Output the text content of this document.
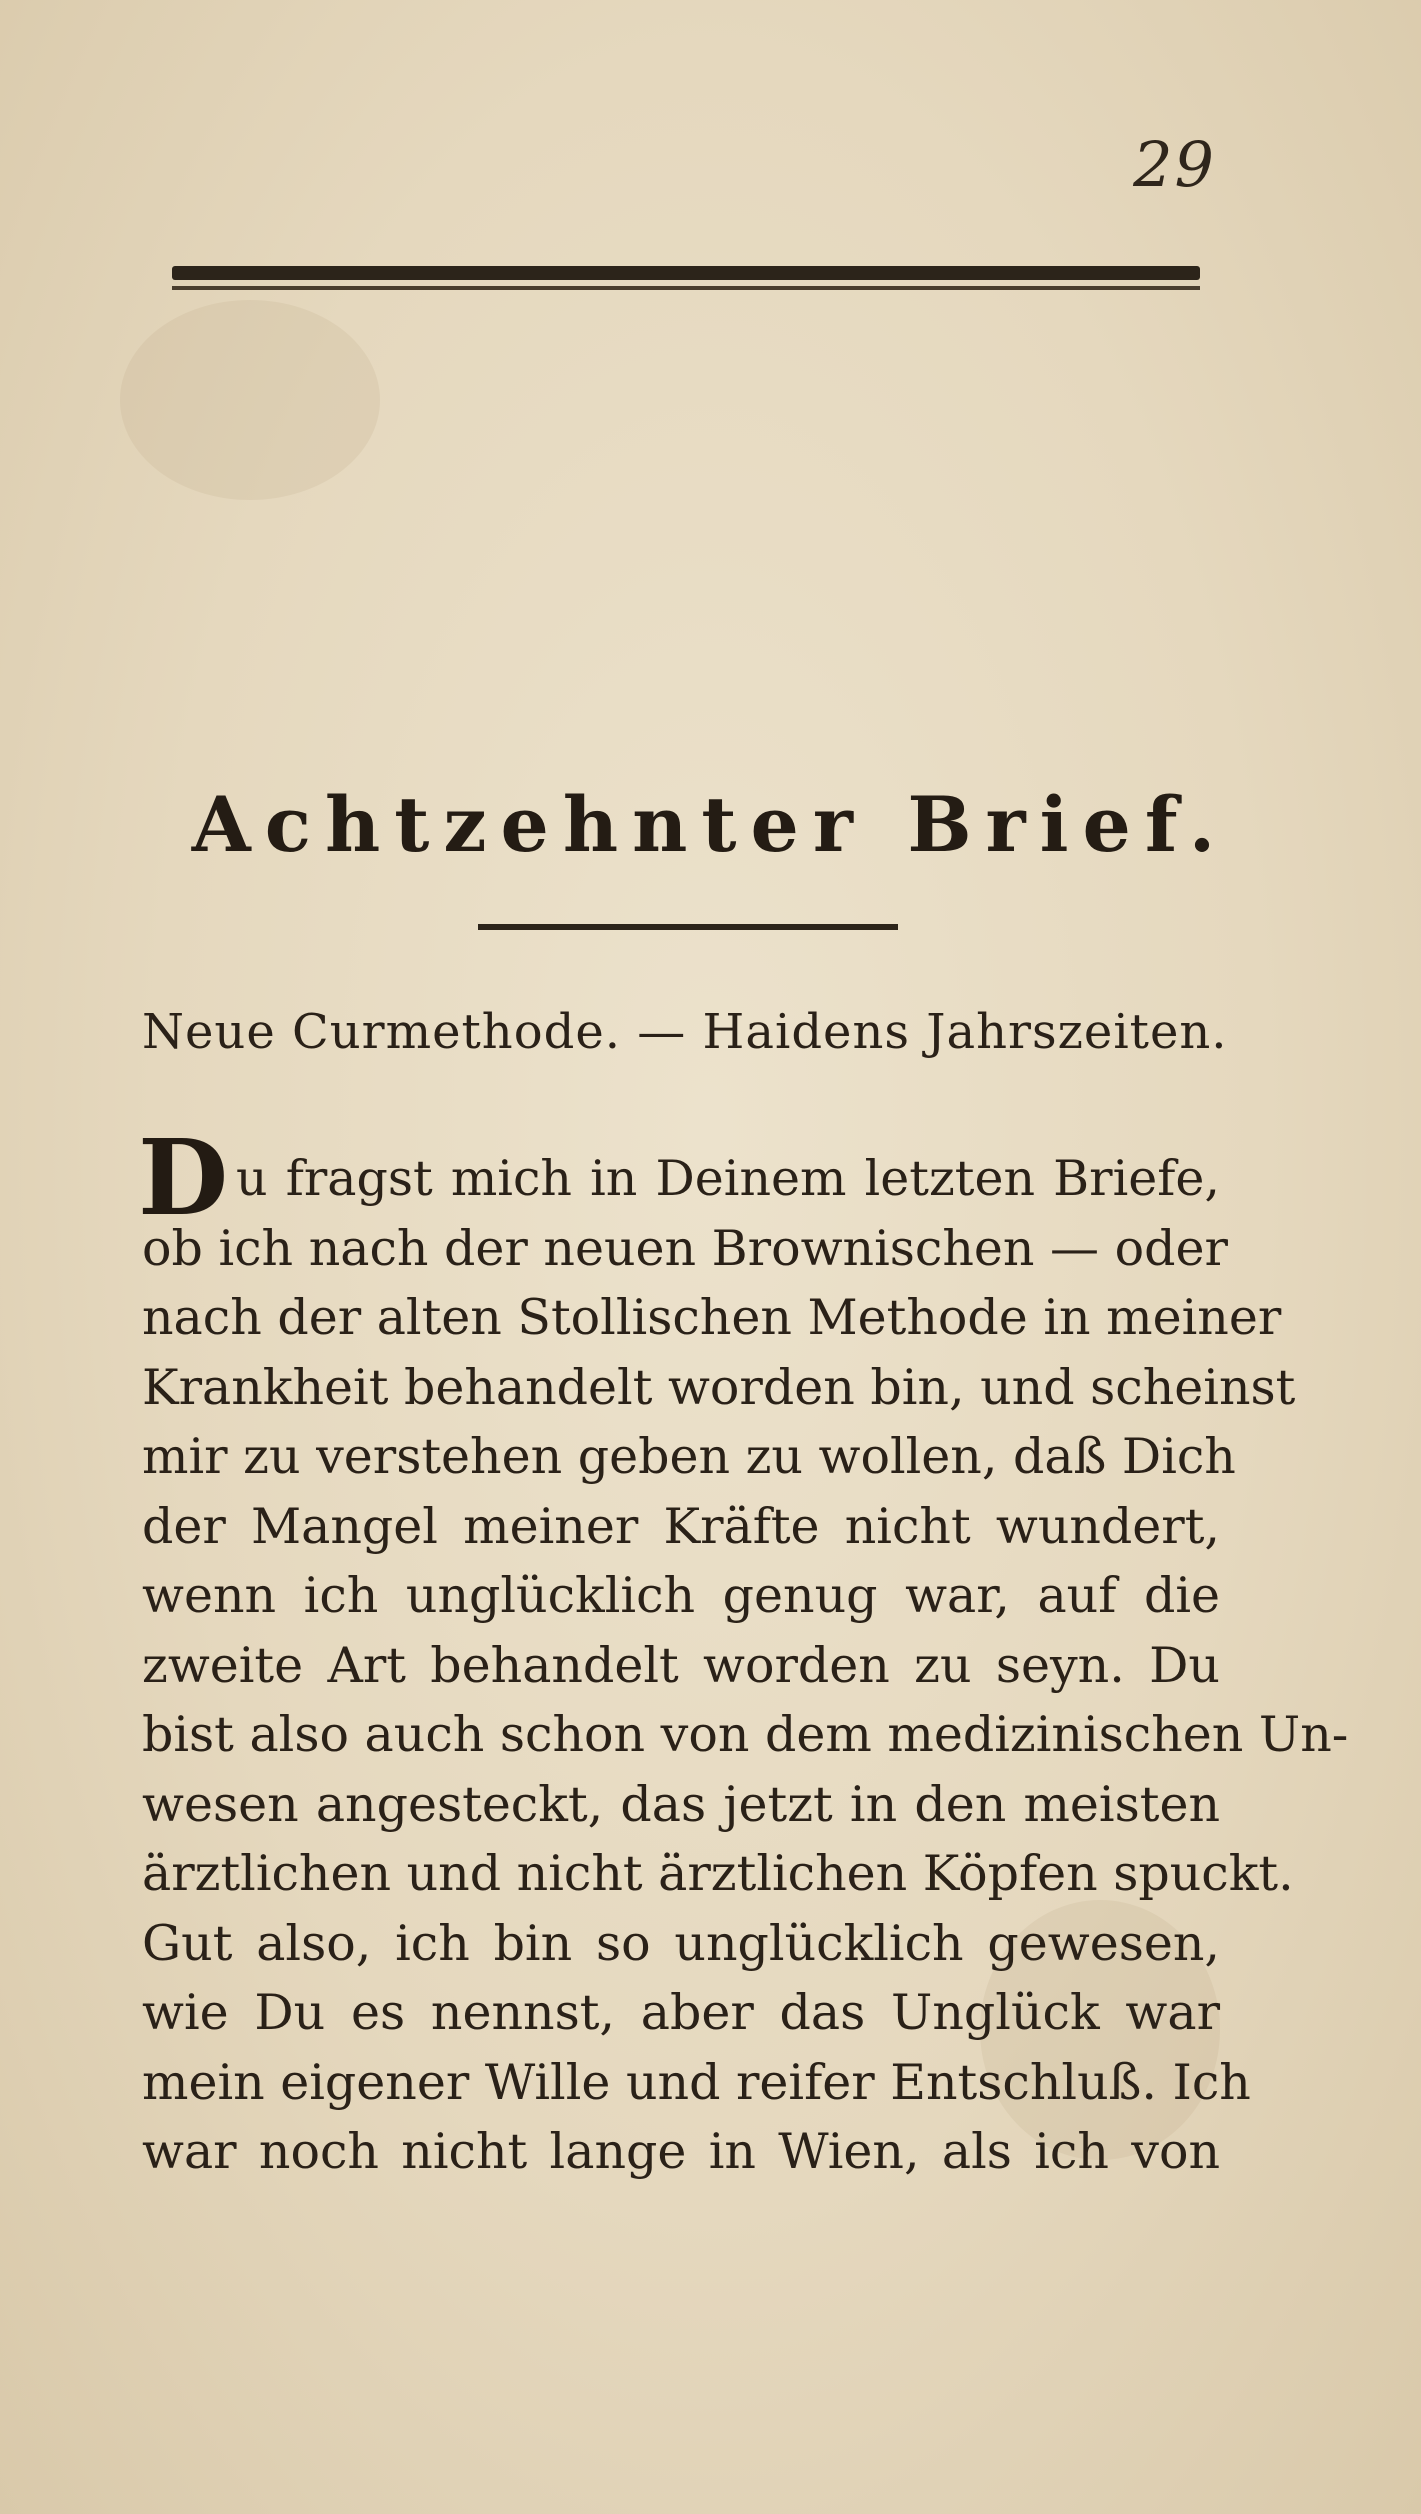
29
Achtzehnter Brief.
Neue Curmethode. — Haidens Jahrszeiten.
D u fragst mich in Deinem letzten Briefe,
ob ich nach der neuen Brownischen — oder
nach der alten Stollischen Methode in meiner
Krankheit behandelt worden bin, und scheinst
mir zu verstehen geben zu wollen, daß Dich
der Mangel meiner Kräfte nicht wundert,
wenn ich unglücklich genug war, auf die
zweite Art behandelt worden zu seyn. Du
bist also auch schon von dem medizinischen Un-
wesen angesteckt, das jetzt in den meisten
ärztlichen und nicht ärztlichen Köpfen spuckt.
Gut also, ich bin so unglücklich gewesen,
wie Du es nennst, aber das Unglück war
mein eigener Wille und reifer Entschluß. Ich
war noch nicht lange in Wien, als ich von
